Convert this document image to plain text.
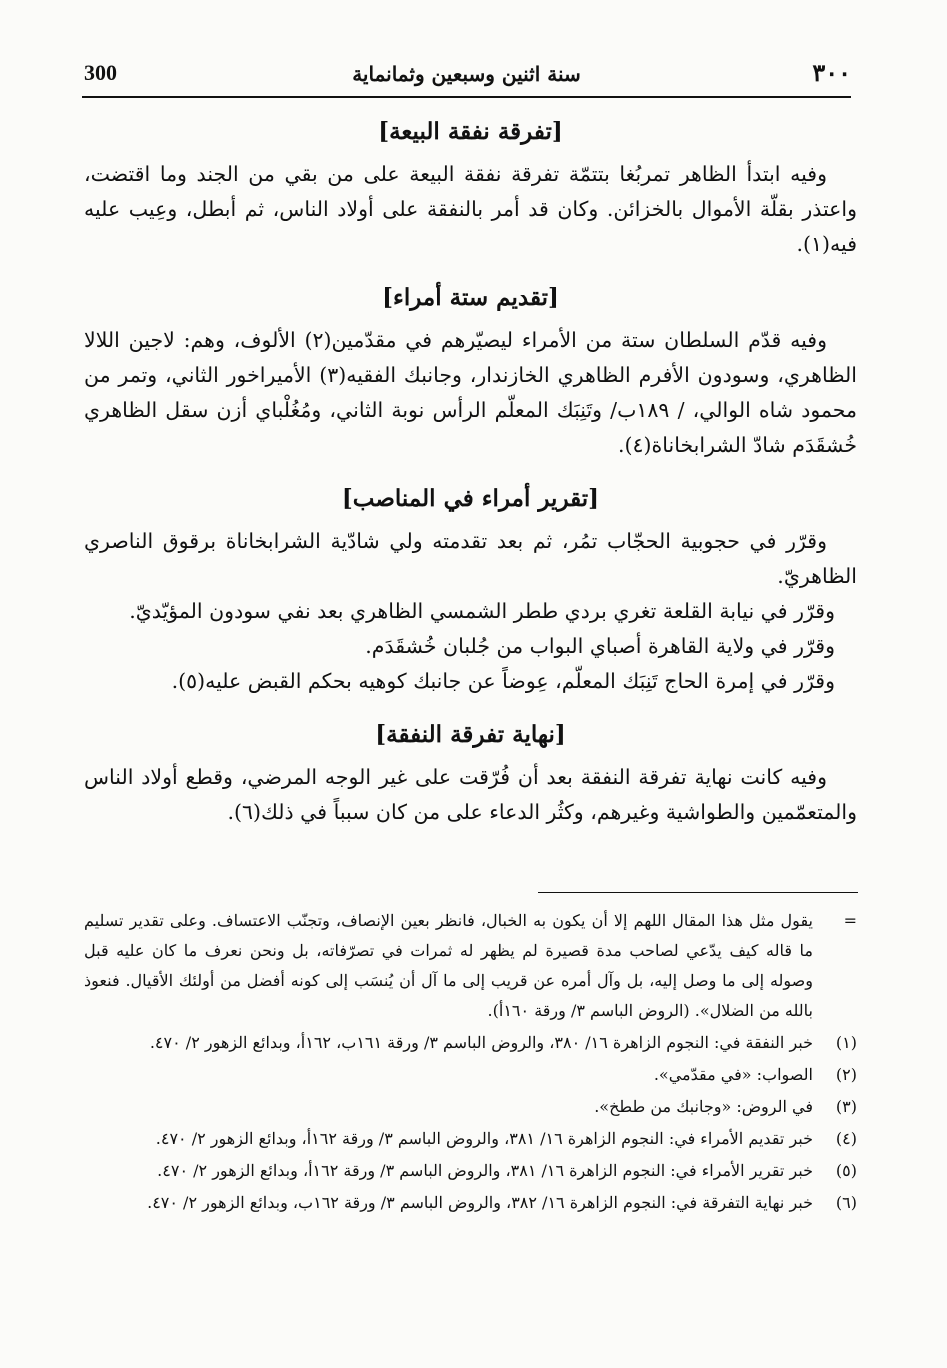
300	سنة اثنين وسبعين وثمانماية	٣٠٠
[تفرقة نفقة البيعة]

وفيه ابتدأ الظاهر تمربُغا بتتمّة تفرقة نفقة البيعة على من بقي من الجند وما اقتضت، واعتذر بقلّة الأموال بالخزائن. وكان قد أمر بالنفقة على أولاد الناس، ثم أبطل، وعِيب عليه فيه(١).

[تقديم ستة أمراء]

وفيه قدّم السلطان ستة من الأمراء ليصيّرهم في مقدّمين(٢) الألوف، وهم: لاجين اللالا الظاهري، وسودون الأفرم الظاهري الخازندار، وجانبك الفقيه(٣) الأميراخور الثاني، وتمر من محمود شاه الوالي، / ١٨٩ب/ وتَنِبَك المعلّم الرأس نوبة الثاني، ومُغُلْباي أزن سقل الظاهري خُشقَدَم شادّ الشرابخاناة(٤).

[تقرير أمراء في المناصب]

وقرّر في حجوبية الحجّاب تمُر، ثم بعد تقدمته ولي شادّية الشرابخاناة برقوق الناصري الظاهريّ.

وقرّر في نيابة القلعة تغري بردي ططر الشمسي الظاهري بعد نفي سودون المؤيّديّ.

وقرّر في ولاية القاهرة أصباي البواب من جُلبان خُشقَدَم.

وقرّر في إمرة الحاج تَنِبَك المعلّم، عِوضاً عن جانبك كوهيه بحكم القبض عليه(٥).

[نهاية تفرقة النفقة]

وفيه كانت نهاية تفرقة النفقة بعد أن فُرّقت على غير الوجه المرضي، وقطع أولاد الناس والمتعمّمين والطواشية وغيرهم، وكثُر الدعاء على من كان سبباً في ذلك(٦).

=
يقول مثل هذا المقال اللهم إلا أن يكون به الخبال، فانظر بعين الإنصاف، وتجنّب الاعتساف. وعلى تقدير تسليم ما قاله كيف يدّعي لصاحب مدة قصيرة لم يظهر له ثمرات في تصرّفاته، بل ونحن نعرف ما كان عليه قبل وصوله إلى ما وصل إليه، بل وآل أمره عن قريب إلى ما آل أن يُنسَب إلى كونه أفضل من أولئك الأقيال. فنعوذ بالله من الضلال». (الروض الباسم ٣/ ورقة ١٦٠أ).
(١)
خبر النفقة في: النجوم الزاهرة ١٦/ ٣٨٠، والروض الباسم ٣/ ورقة ١٦١ب، ١٦٢أ، وبدائع الزهور ٢/ ٤٧٠.
(٢)
الصواب: «في مقدّمي».
(٣)
في الروض: «وجانبك من ططخ».
(٤)
خبر تقديم الأمراء في: النجوم الزاهرة ١٦/ ٣٨١، والروض الباسم ٣/ ورقة ١٦٢أ، وبدائع الزهور ٢/ ٤٧٠.
(٥)
خبر تقرير الأمراء في: النجوم الزاهرة ١٦/ ٣٨١، والروض الباسم ٣/ ورقة ١٦٢أ، وبدائع الزهور ٢/ ٤٧٠.
(٦)
خبر نهاية التفرقة في: النجوم الزاهرة ١٦/ ٣٨٢، والروض الباسم ٣/ ورقة ١٦٢ب، وبدائع الزهور ٢/ ٤٧٠.
